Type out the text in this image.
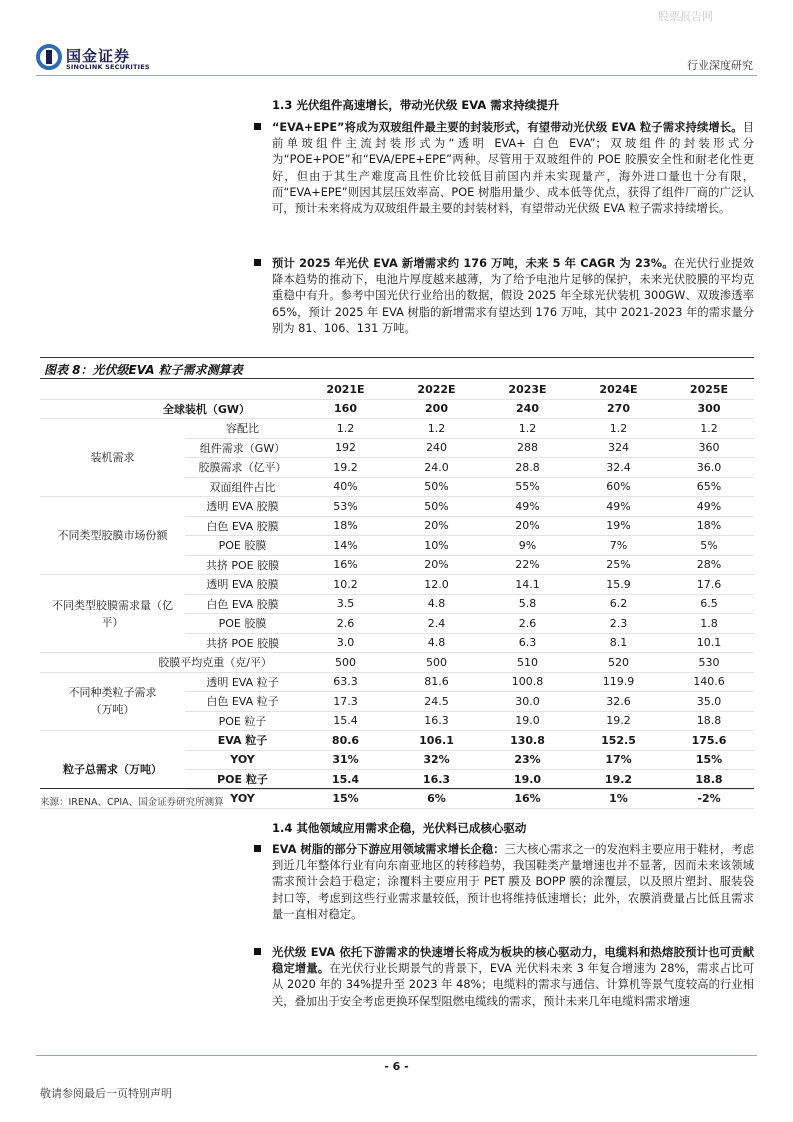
股票报告网
国金证券
SINOLINK SECURITIES	行业深度研究
1.3 光伏组件高速增长，带动光伏级 EVA 需求持续提升
“EVA+EPE”将成为双玻组件最主要的封装形式，有望带动光伏级 EVA 粒子需求持续增长。目前单玻组件主流封装形式为“透明 EVA+ 白色 EVA”；双玻组件的封装形式分为“POE+POE”和“EVA/EPE+EPE”两种。尽管用于双玻组件的 POE 胶膜安全性和耐老化性更好，但由于其生产难度高且性价比较低目前国内并未实现量产，海外进口量也十分有限，而“EVA+EPE”则因其层压效率高、POE 树脂用量少、成本低等优点，获得了组件厂商的广泛认可，预计未来将成为双玻组件最主要的封装材料，有望带动光伏级 EVA 粒子需求持续增长。
预计 2025 年光伏 EVA 新增需求约 176 万吨，未来 5 年 CAGR 为 23%。在光伏行业提效降本趋势的推动下，电池片厚度越来越薄，为了给予电池片足够的保护，未来光伏胶膜的平均克重稳中有升。参考中国光伏行业给出的数据，假设 2025 年全球光伏装机 300GW、双玻渗透率 65%，预计 2025 年 EVA 树脂的新增需求有望达到 176 万吨，其中 2021-2023 年的需求量分别为 81、106、131 万吨。
图表 8：光伏级EVA 粒子需求测算表
		2021E	2022E	2023E	2024E	2025E
全球装机（GW）		160	200	240	270	300
装机需求	容配比	1.2	1.2	1.2	1.2	1.2
	组件需求（GW）	192	240	288	324	360
	胶膜需求（亿平）	19.2	24.0	28.8	32.4	36.0
	双面组件占比	40%	50%	55%	60%	65%
不同类型胶膜市场份额	透明 EVA 胶膜	53%	50%	49%	49%	49%
	白色 EVA 胶膜	18%	20%	20%	19%	18%
	POE 胶膜	14%	10%	9%	7%	5%
	共挤 POE 胶膜	16%	20%	22%	25%	28%
不同类型胶膜需求量（亿平）	透明 EVA 胶膜	10.2	12.0	14.1	15.9	17.6
	白色 EVA 胶膜	3.5	4.8	5.8	6.2	6.5
	POE 胶膜	2.6	2.4	2.6	2.3	1.8
	共挤 POE 胶膜	3.0	4.8	6.3	8.1	10.1
胶膜平均克重（克/平）		500	500	510	520	530
不同种类粒子需求（万吨）	透明 EVA 粒子	63.3	81.6	100.8	119.9	140.6
	白色 EVA 粒子	17.3	24.5	30.0	32.6	35.0
	POE 粒子	15.4	16.3	19.0	19.2	18.8
粒子总需求（万吨）	EVA 粒子	80.6	106.1	130.8	152.5	175.6
	YOY	31%	32%	23%	17%	15%
	POE 粒子	15.4	16.3	19.0	19.2	18.8
	YOY	15%	6%	16%	1%	-2%
来源：IRENA、CPIA、国金证券研究所测算
1.4 其他领域应用需求企稳，光伏料已成核心驱动
EVA 树脂的部分下游应用领域需求增长企稳：三大核心需求之一的发泡料主要应用于鞋材，考虑到近几年整体行业有向东南亚地区的转移趋势，我国鞋类产量增速也并不显著，因而未来该领域需求预计会趋于稳定；涂覆料主要应用于 PET 膜及 BOPP 膜的涂覆层，以及照片塑封、服装袋封口等，考虑到这些行业需求量较低，预计也将维持低速增长；此外，农膜消费量占比低且需求量一直相对稳定。
光伏级 EVA 依托下游需求的快速增长将成为板块的核心驱动力，电缆料和热熔胶预计也可贡献稳定增量。在光伏行业长期景气的背景下，EVA 光伏料未来 3 年复合增速为 28%，需求占比可从 2020 年的 34%提升至 2023 年 48%；电缆料的需求与通信、计算机等景气度较高的行业相关，叠加出于安全考虑更换环保型阻燃电缆线的需求，预计未来几年电缆料需求增速
- 6 -
敬请参阅最后一页特别声明
